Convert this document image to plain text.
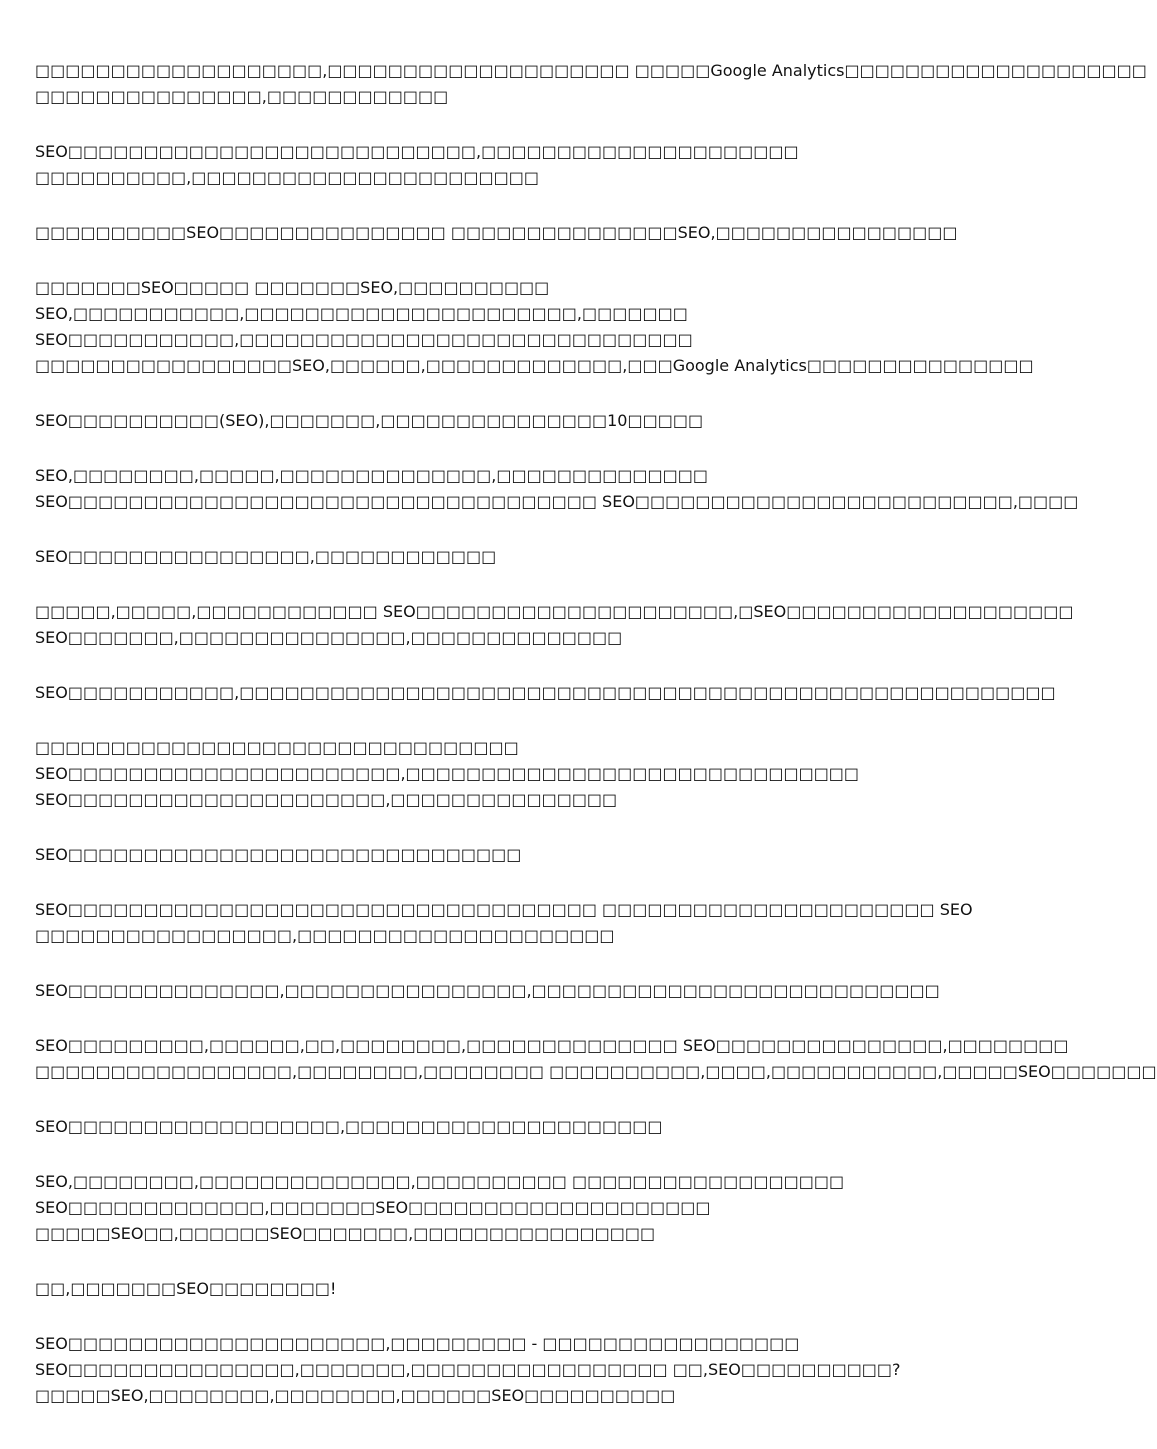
□□□□□□□□□□□□□□□□□□□,□□□□□□□□□□□□□□□□□□□□ □□□□□Google Analytics□□□□□□□□□□□□□□□□□□□□
□□□□□□□□□□□□□□□,□□□□□□□□□□□□
SEO□□□□□□□□□□□□□□□□□□□□□□□□□□□,□□□□□□□□□□□□□□□□□□□□□
□□□□□□□□□□,□□□□□□□□□□□□□□□□□□□□□□□
□□□□□□□□□□SEO□□□□□□□□□□□□□□□ □□□□□□□□□□□□□□□SEO,□□□□□□□□□□□□□□□□
□□□□□□□SEO□□□□□ □□□□□□□SEO,□□□□□□□□□□
SEO,□□□□□□□□□□□,□□□□□□□□□□□□□□□□□□□□□□,□□□□□□□
SEO□□□□□□□□□□□,□□□□□□□□□□□□□□□□□□□□□□□□□□□□□□
□□□□□□□□□□□□□□□□□SEO,□□□□□□,□□□□□□□□□□□□□,□□□Google Analytics□□□□□□□□□□□□□□□
SEO□□□□□□□□□□(SEO),□□□□□□□,□□□□□□□□□□□□□□□10□□□□□
SEO,□□□□□□□□,□□□□□,□□□□□□□□□□□□□□,□□□□□□□□□□□□□□
SEO□□□□□□□□□□□□□□□□□□□□□□□□□□□□□□□□□□□ SEO□□□□□□□□□□□□□□□□□□□□□□□□□,□□□□
SEO□□□□□□□□□□□□□□□□,□□□□□□□□□□□□
□□□□□,□□□□□,□□□□□□□□□□□□ SEO□□□□□□□□□□□□□□□□□□□□□,□SEO□□□□□□□□□□□□□□□□□□□
SEO□□□□□□□,□□□□□□□□□□□□□□□,□□□□□□□□□□□□□□
SEO□□□□□□□□□□□,□□□□□□□□□□□□□□□□□□□□□□□□□□□□□□□□□□□□□□□□□□□□□□□□□□□□□□
□□□□□□□□□□□□□□□□□□□□□□□□□□□□□□□□
SEO□□□□□□□□□□□□□□□□□□□□□□,□□□□□□□□□□□□□□□□□□□□□□□□□□□□□□
SEO□□□□□□□□□□□□□□□□□□□□□,□□□□□□□□□□□□□□□
SEO□□□□□□□□□□□□□□□□□□□□□□□□□□□□□□
SEO□□□□□□□□□□□□□□□□□□□□□□□□□□□□□□□□□□□ □□□□□□□□□□□□□□□□□□□□□□ SEO
□□□□□□□□□□□□□□□□□,□□□□□□□□□□□□□□□□□□□□□
SEO□□□□□□□□□□□□□□,□□□□□□□□□□□□□□□□,□□□□□□□□□□□□□□□□□□□□□□□□□□□
SEO□□□□□□□□□,□□□□□□,□□,□□□□□□□□,□□□□□□□□□□□□□□ SEO□□□□□□□□□□□□□□□,□□□□□□□□
□□□□□□□□□□□□□□□□□,□□□□□□□□,□□□□□□□□ □□□□□□□□□□,□□□□,□□□□□□□□□□□,□□□□□SEO□□□□□□□
SEO□□□□□□□□□□□□□□□□□□,□□□□□□□□□□□□□□□□□□□□□
SEO,□□□□□□□□,□□□□□□□□□□□□□□,□□□□□□□□□□ □□□□□□□□□□□□□□□□□□
SEO□□□□□□□□□□□□□,□□□□□□□SEO□□□□□□□□□□□□□□□□□□□□
□□□□□SEO□□,□□□□□□SEO□□□□□□□,□□□□□□□□□□□□□□□□
□□,□□□□□□□SEO□□□□□□□□!
SEO□□□□□□□□□□□□□□□□□□□□□,□□□□□□□□□ - □□□□□□□□□□□□□□□□□
SEO□□□□□□□□□□□□□□□,□□□□□□□,□□□□□□□□□□□□□□□□□ □□,SEO□□□□□□□□□□?
□□□□□SEO,□□□□□□□□,□□□□□□□□,□□□□□□SEO□□□□□□□□□□
